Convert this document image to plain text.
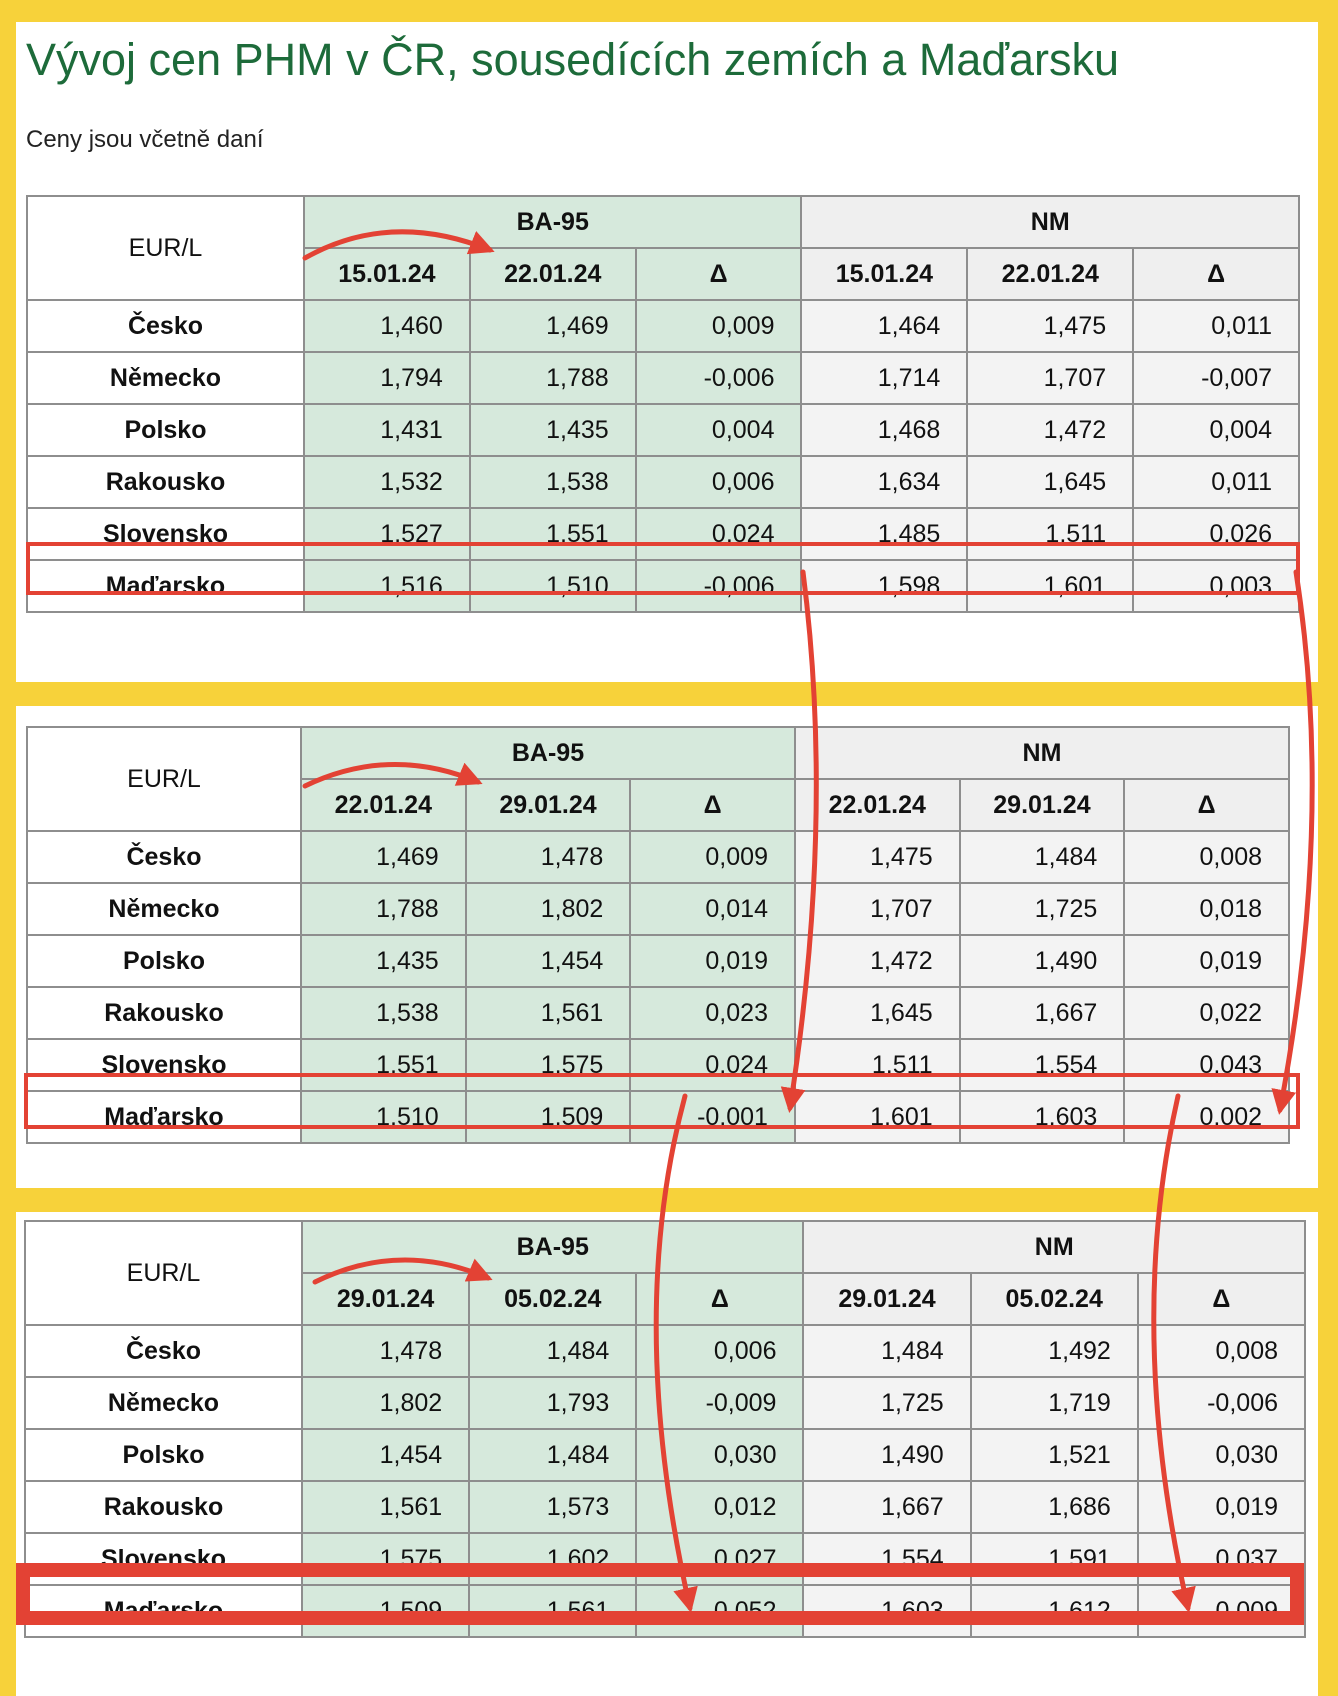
Vývoj cen PHM v ČR, sousedících zemích a Maďarsku

Ceny jsou včetně daní

EUR/L	BA-95			NM		
	15.01.24	22.01.24	Δ	15.01.24	22.01.24	Δ
Česko	1,460	1,469	0,009	1,464	1,475	0,011
Německo	1,794	1,788	-0,006	1,714	1,707	-0,007
Polsko	1,431	1,435	0,004	1,468	1,472	0,004
Rakousko	1,532	1,538	0,006	1,634	1,645	0,011
Slovensko	1,527	1,551	0,024	1,485	1,511	0,026
Maďarsko	1,516	1,510	-0,006	1,598	1,601	0,003
EUR/L	BA-95			NM		
	22.01.24	29.01.24	Δ	22.01.24	29.01.24	Δ
Česko	1,469	1,478	0,009	1,475	1,484	0,008
Německo	1,788	1,802	0,014	1,707	1,725	0,018
Polsko	1,435	1,454	0,019	1,472	1,490	0,019
Rakousko	1,538	1,561	0,023	1,645	1,667	0,022
Slovensko	1,551	1,575	0,024	1,511	1,554	0,043
Maďarsko	1,510	1,509	-0,001	1,601	1,603	0,002
EUR/L	BA-95			NM		
	29.01.24	05.02.24	Δ	29.01.24	05.02.24	Δ
Česko	1,478	1,484	0,006	1,484	1,492	0,008
Německo	1,802	1,793	-0,009	1,725	1,719	-0,006
Polsko	1,454	1,484	0,030	1,490	1,521	0,030
Rakousko	1,561	1,573	0,012	1,667	1,686	0,019
Slovensko	1,575	1,602	0,027	1,554	1,591	0,037
Maďarsko	1,509	1,561	0,052	1,603	1,612	0,009
